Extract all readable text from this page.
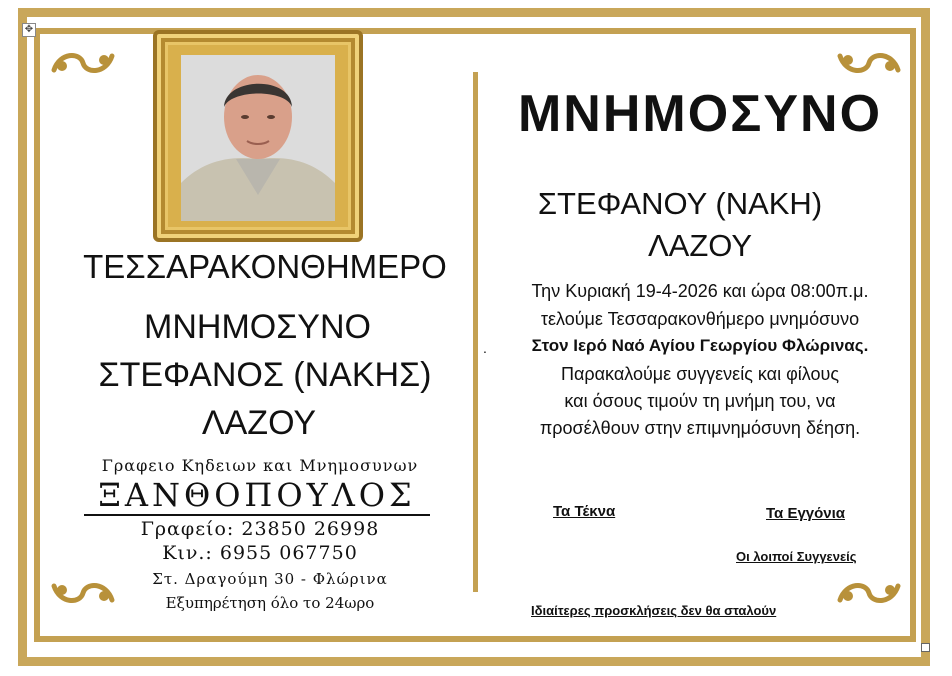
✥
ΤΕΣΣΑΡΑΚΟΝΘΗΜΕΡΟ
ΜΝΗΜΟΣΥΝΟ
ΣΤΕΦΑΝΟΣ (ΝΑΚΗΣ)
ΛΑΖΟΥ
Γραφειο Κηδειων και Μνημοσυνων
ΞΑΝΘΟΠΟΥΛΟΣ
Γραφείο: 23850 26998
Κιν.: 6955 067750
Στ. Δραγούμη 30 - Φλώρινα
Εξυπηρέτηση όλο το 24ωρο
ΜΝΗΜΟΣΥΝΟ
ΣΤΕΦΑΝΟΥ (ΝΑΚΗ)
ΛΑΖΟΥ
Την Κυριακή 19-4-2026 και ώρα 08:00π.μ.
τελούμε Τεσσαρακονθήμερο μνημόσυνο
.	Στον Ιερό Ναό Αγίου Γεωργίου Φλώρινας.
Παρακαλούμε συγγενείς και φίλους
και όσους τιμούν τη μνήμη του, να
προσέλθουν στην επιμνημόσυνη δέηση.
Τα Τέκνα	Τα Εγγόνια
Οι λοιποί Συγγενείς
Ιδιαίτερες προσκλήσεις δεν θα σταλούν
